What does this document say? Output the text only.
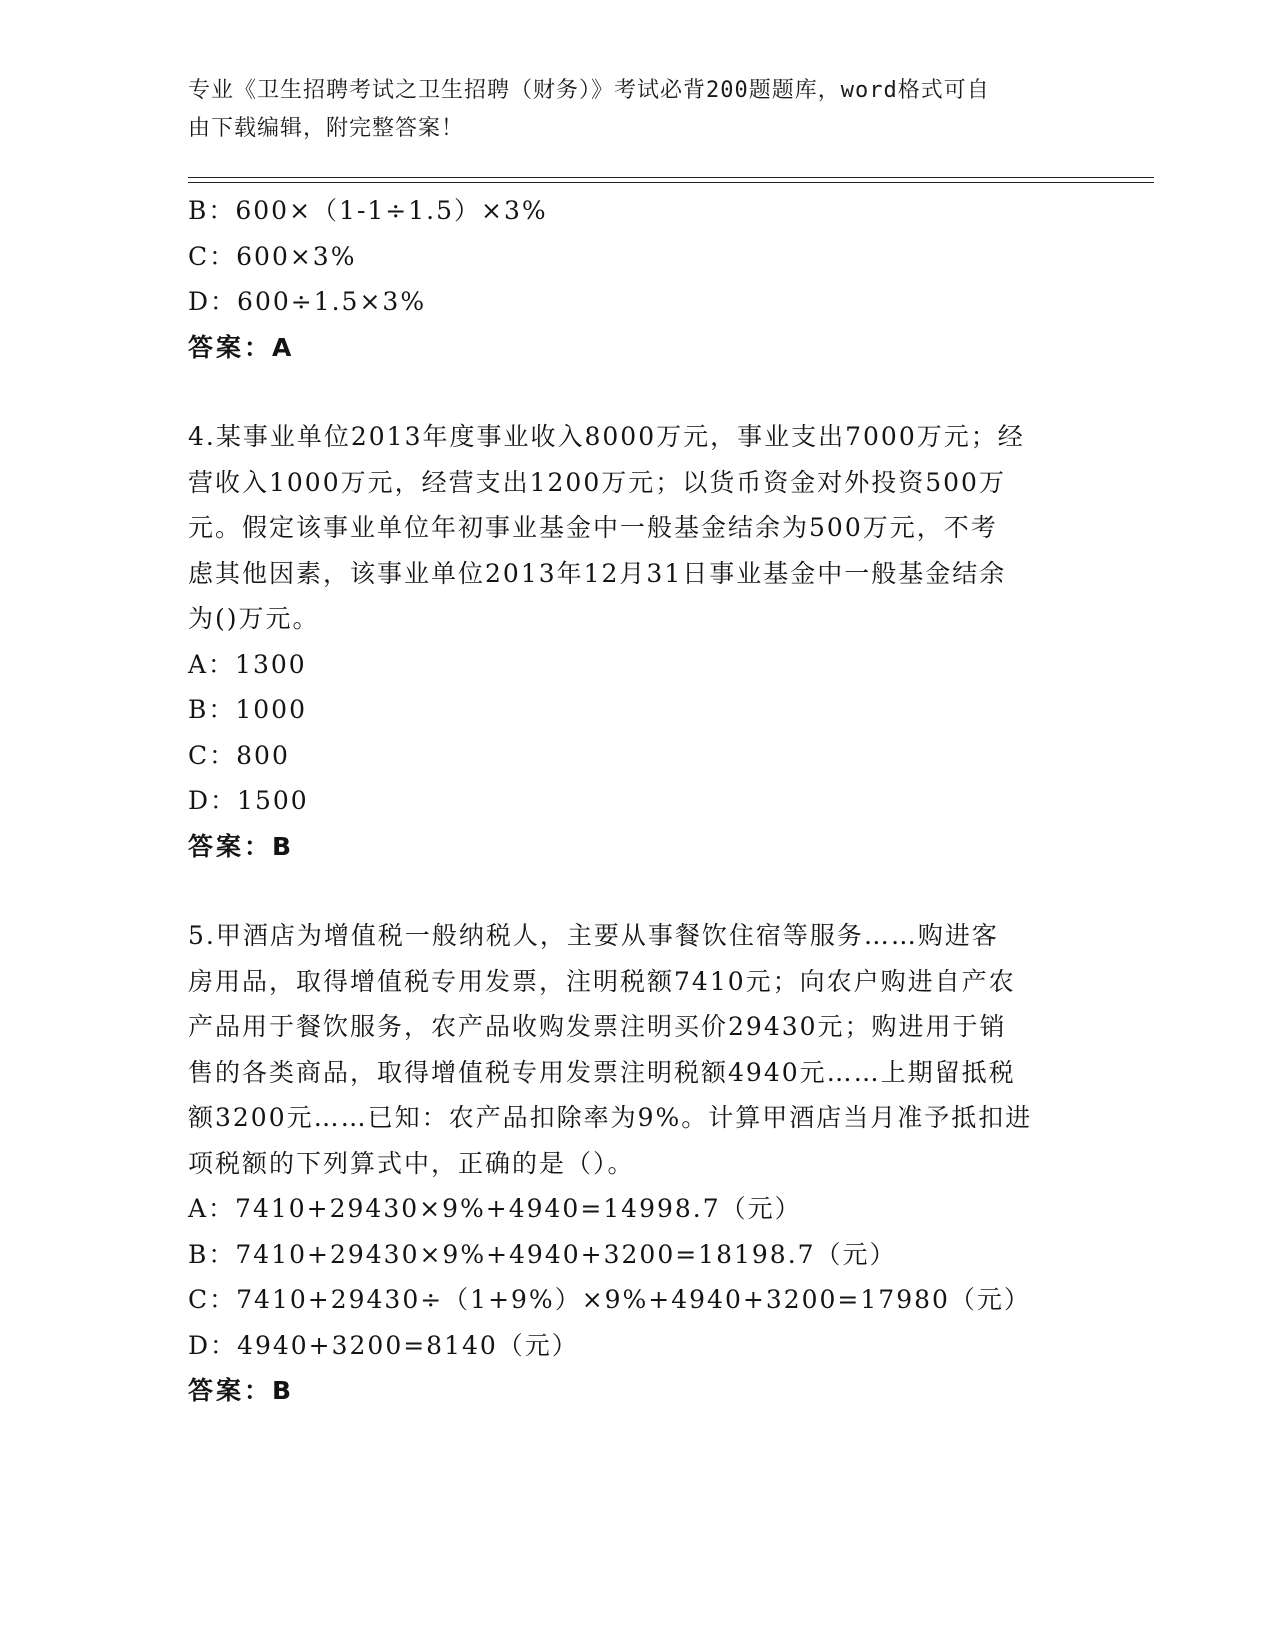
专业《卫生招聘考试之卫生招聘（财务）》考试必背200题题库，word格式可自
由下载编辑，附完整答案！
B：600×（1-1÷1.5）×3%
C：600×3%
D：600÷1.5×3%
答案：A
4.某事业单位2013年度事业收入8000万元，事业支出7000万元；经
营收入1000万元，经营支出1200万元；以货币资金对外投资500万
元。假定该事业单位年初事业基金中一般基金结余为500万元，不考
虑其他因素，该事业单位2013年12月31日事业基金中一般基金结余
为()万元。
A：1300
B：1000
C：800
D：1500
答案：B
5.甲酒店为增值税一般纳税人，主要从事餐饮住宿等服务……购进客
房用品，取得增值税专用发票，注明税额7410元；向农户购进自产农
产品用于餐饮服务，农产品收购发票注明买价29430元；购进用于销
售的各类商品，取得增值税专用发票注明税额4940元……上期留抵税
额3200元……已知：农产品扣除率为9%。计算甲酒店当月准予抵扣进
项税额的下列算式中，正确的是（）。
A：7410+29430×9%+4940=14998.7（元）
B：7410+29430×9%+4940+3200=18198.7（元）
C：7410+29430÷（1+9%）×9%+4940+3200=17980（元）
D：4940+3200=8140（元）
答案：B
